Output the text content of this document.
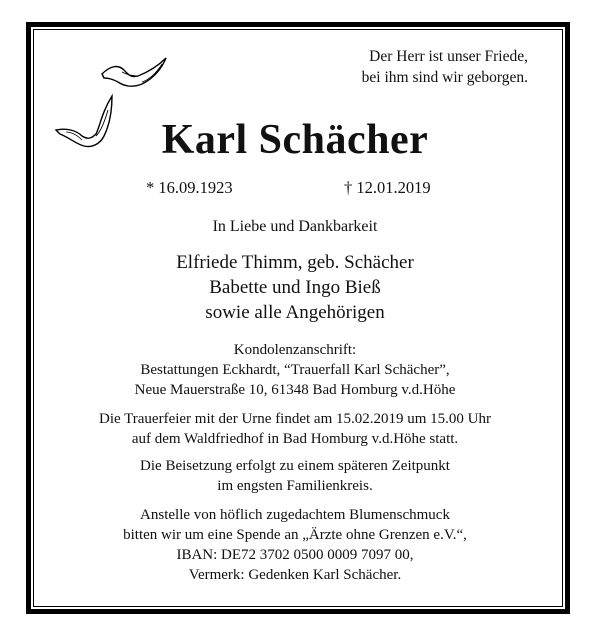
Der Herr ist unser Friede,
bei ihm sind wir geborgen.
Karl Schächer
* 16.09.1923	† 12.01.2019
In Liebe und Dankbarkeit
Elfriede Thimm, geb. Schächer
Babette und Ingo Bieß
sowie alle Angehörigen
Kondolenzanschrift:
Bestattungen Eckhardt, “Trauerfall Karl Schächer”,
Neue Mauerstraße 10, 61348 Bad Homburg v.d.Höhe
Die Trauerfeier mit der Urne findet am 15.02.2019 um 15.00 Uhr
auf dem Waldfriedhof in Bad Homburg v.d.Höhe statt.
Die Beisetzung erfolgt zu einem späteren Zeitpunkt
im engsten Familienkreis.
Anstelle von höflich zugedachtem Blumenschmuck
bitten wir um eine Spende an „Ärzte ohne Grenzen e.V.“,
IBAN: DE72 3702 0500 0009 7097 00,
Vermerk: Gedenken Karl Schächer.
